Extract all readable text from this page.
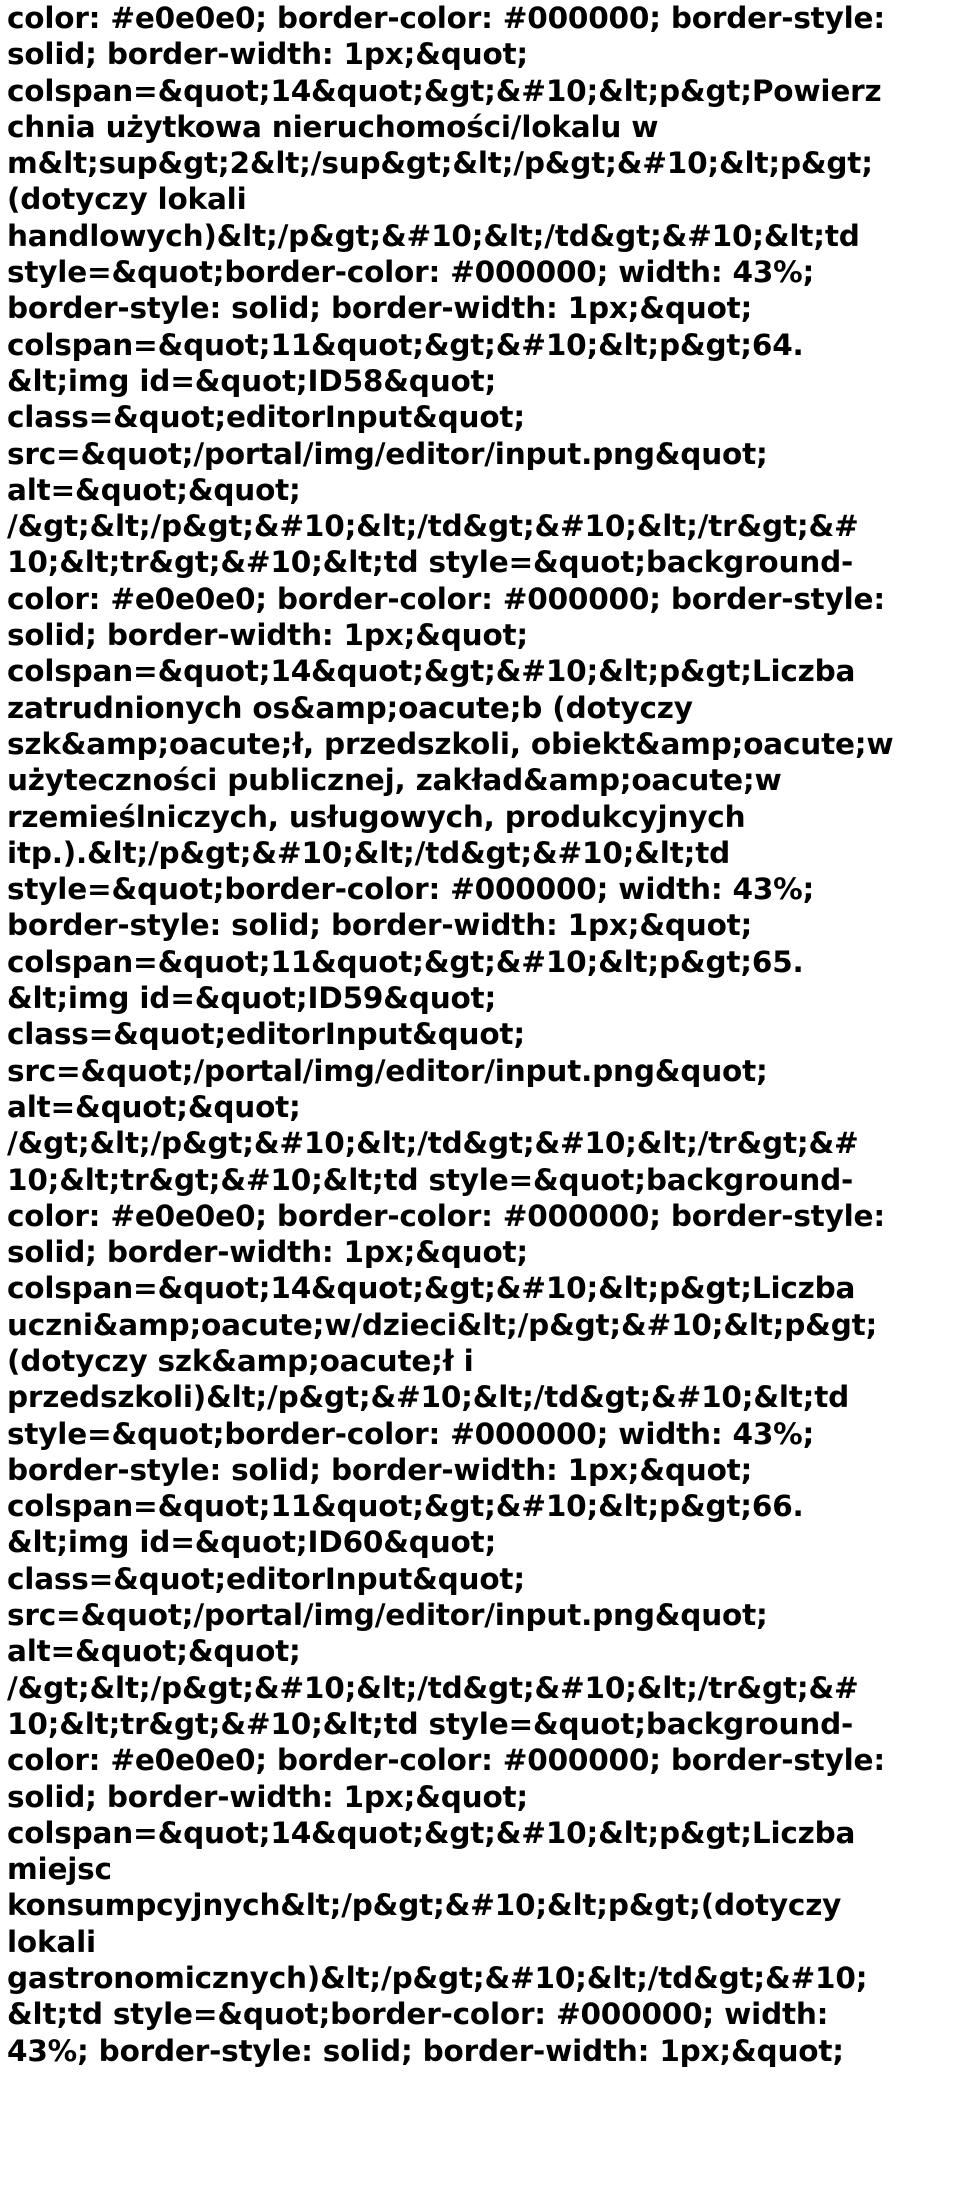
color: #e0e0e0; border-color: #000000; border-style:
solid; border-width: 1px;&quot;
colspan=&quot;14&quot;&gt;&#10;&lt;p&gt;Powierz
chnia użytkowa nieruchomości/lokalu w
m&lt;sup&gt;2&lt;/sup&gt;&lt;/p&gt;&#10;&lt;p&gt;
(dotyczy lokali
handlowych)&lt;/p&gt;&#10;&lt;/td&gt;&#10;&lt;td
style=&quot;border-color: #000000; width: 43%;
border-style: solid; border-width: 1px;&quot;
colspan=&quot;11&quot;&gt;&#10;&lt;p&gt;64.
&lt;img id=&quot;ID58&quot;
class=&quot;editorInput&quot;
src=&quot;/portal/img/editor/input.png&quot;
alt=&quot;&quot;
/&gt;&lt;/p&gt;&#10;&lt;/td&gt;&#10;&lt;/tr&gt;&#
10;&lt;tr&gt;&#10;&lt;td style=&quot;background-
color: #e0e0e0; border-color: #000000; border-style:
solid; border-width: 1px;&quot;
colspan=&quot;14&quot;&gt;&#10;&lt;p&gt;Liczba
zatrudnionych os&amp;oacute;b (dotyczy
szk&amp;oacute;ł, przedszkoli, obiekt&amp;oacute;w
użyteczności publicznej, zakład&amp;oacute;w
rzemieślniczych, usługowych, produkcyjnych
itp.).&lt;/p&gt;&#10;&lt;/td&gt;&#10;&lt;td
style=&quot;border-color: #000000; width: 43%;
border-style: solid; border-width: 1px;&quot;
colspan=&quot;11&quot;&gt;&#10;&lt;p&gt;65.
&lt;img id=&quot;ID59&quot;
class=&quot;editorInput&quot;
src=&quot;/portal/img/editor/input.png&quot;
alt=&quot;&quot;
/&gt;&lt;/p&gt;&#10;&lt;/td&gt;&#10;&lt;/tr&gt;&#
10;&lt;tr&gt;&#10;&lt;td style=&quot;background-
color: #e0e0e0; border-color: #000000; border-style:
solid; border-width: 1px;&quot;
colspan=&quot;14&quot;&gt;&#10;&lt;p&gt;Liczba
uczni&amp;oacute;w/dzieci&lt;/p&gt;&#10;&lt;p&gt;
(dotyczy szk&amp;oacute;ł i
przedszkoli)&lt;/p&gt;&#10;&lt;/td&gt;&#10;&lt;td
style=&quot;border-color: #000000; width: 43%;
border-style: solid; border-width: 1px;&quot;
colspan=&quot;11&quot;&gt;&#10;&lt;p&gt;66.
&lt;img id=&quot;ID60&quot;
class=&quot;editorInput&quot;
src=&quot;/portal/img/editor/input.png&quot;
alt=&quot;&quot;
/&gt;&lt;/p&gt;&#10;&lt;/td&gt;&#10;&lt;/tr&gt;&#
10;&lt;tr&gt;&#10;&lt;td style=&quot;background-
color: #e0e0e0; border-color: #000000; border-style:
solid; border-width: 1px;&quot;
colspan=&quot;14&quot;&gt;&#10;&lt;p&gt;Liczba
miejsc
konsumpcyjnych&lt;/p&gt;&#10;&lt;p&gt;(dotyczy
lokali
gastronomicznych)&lt;/p&gt;&#10;&lt;/td&gt;&#10;
&lt;td style=&quot;border-color: #000000; width:
43%; border-style: solid; border-width: 1px;&quot;
